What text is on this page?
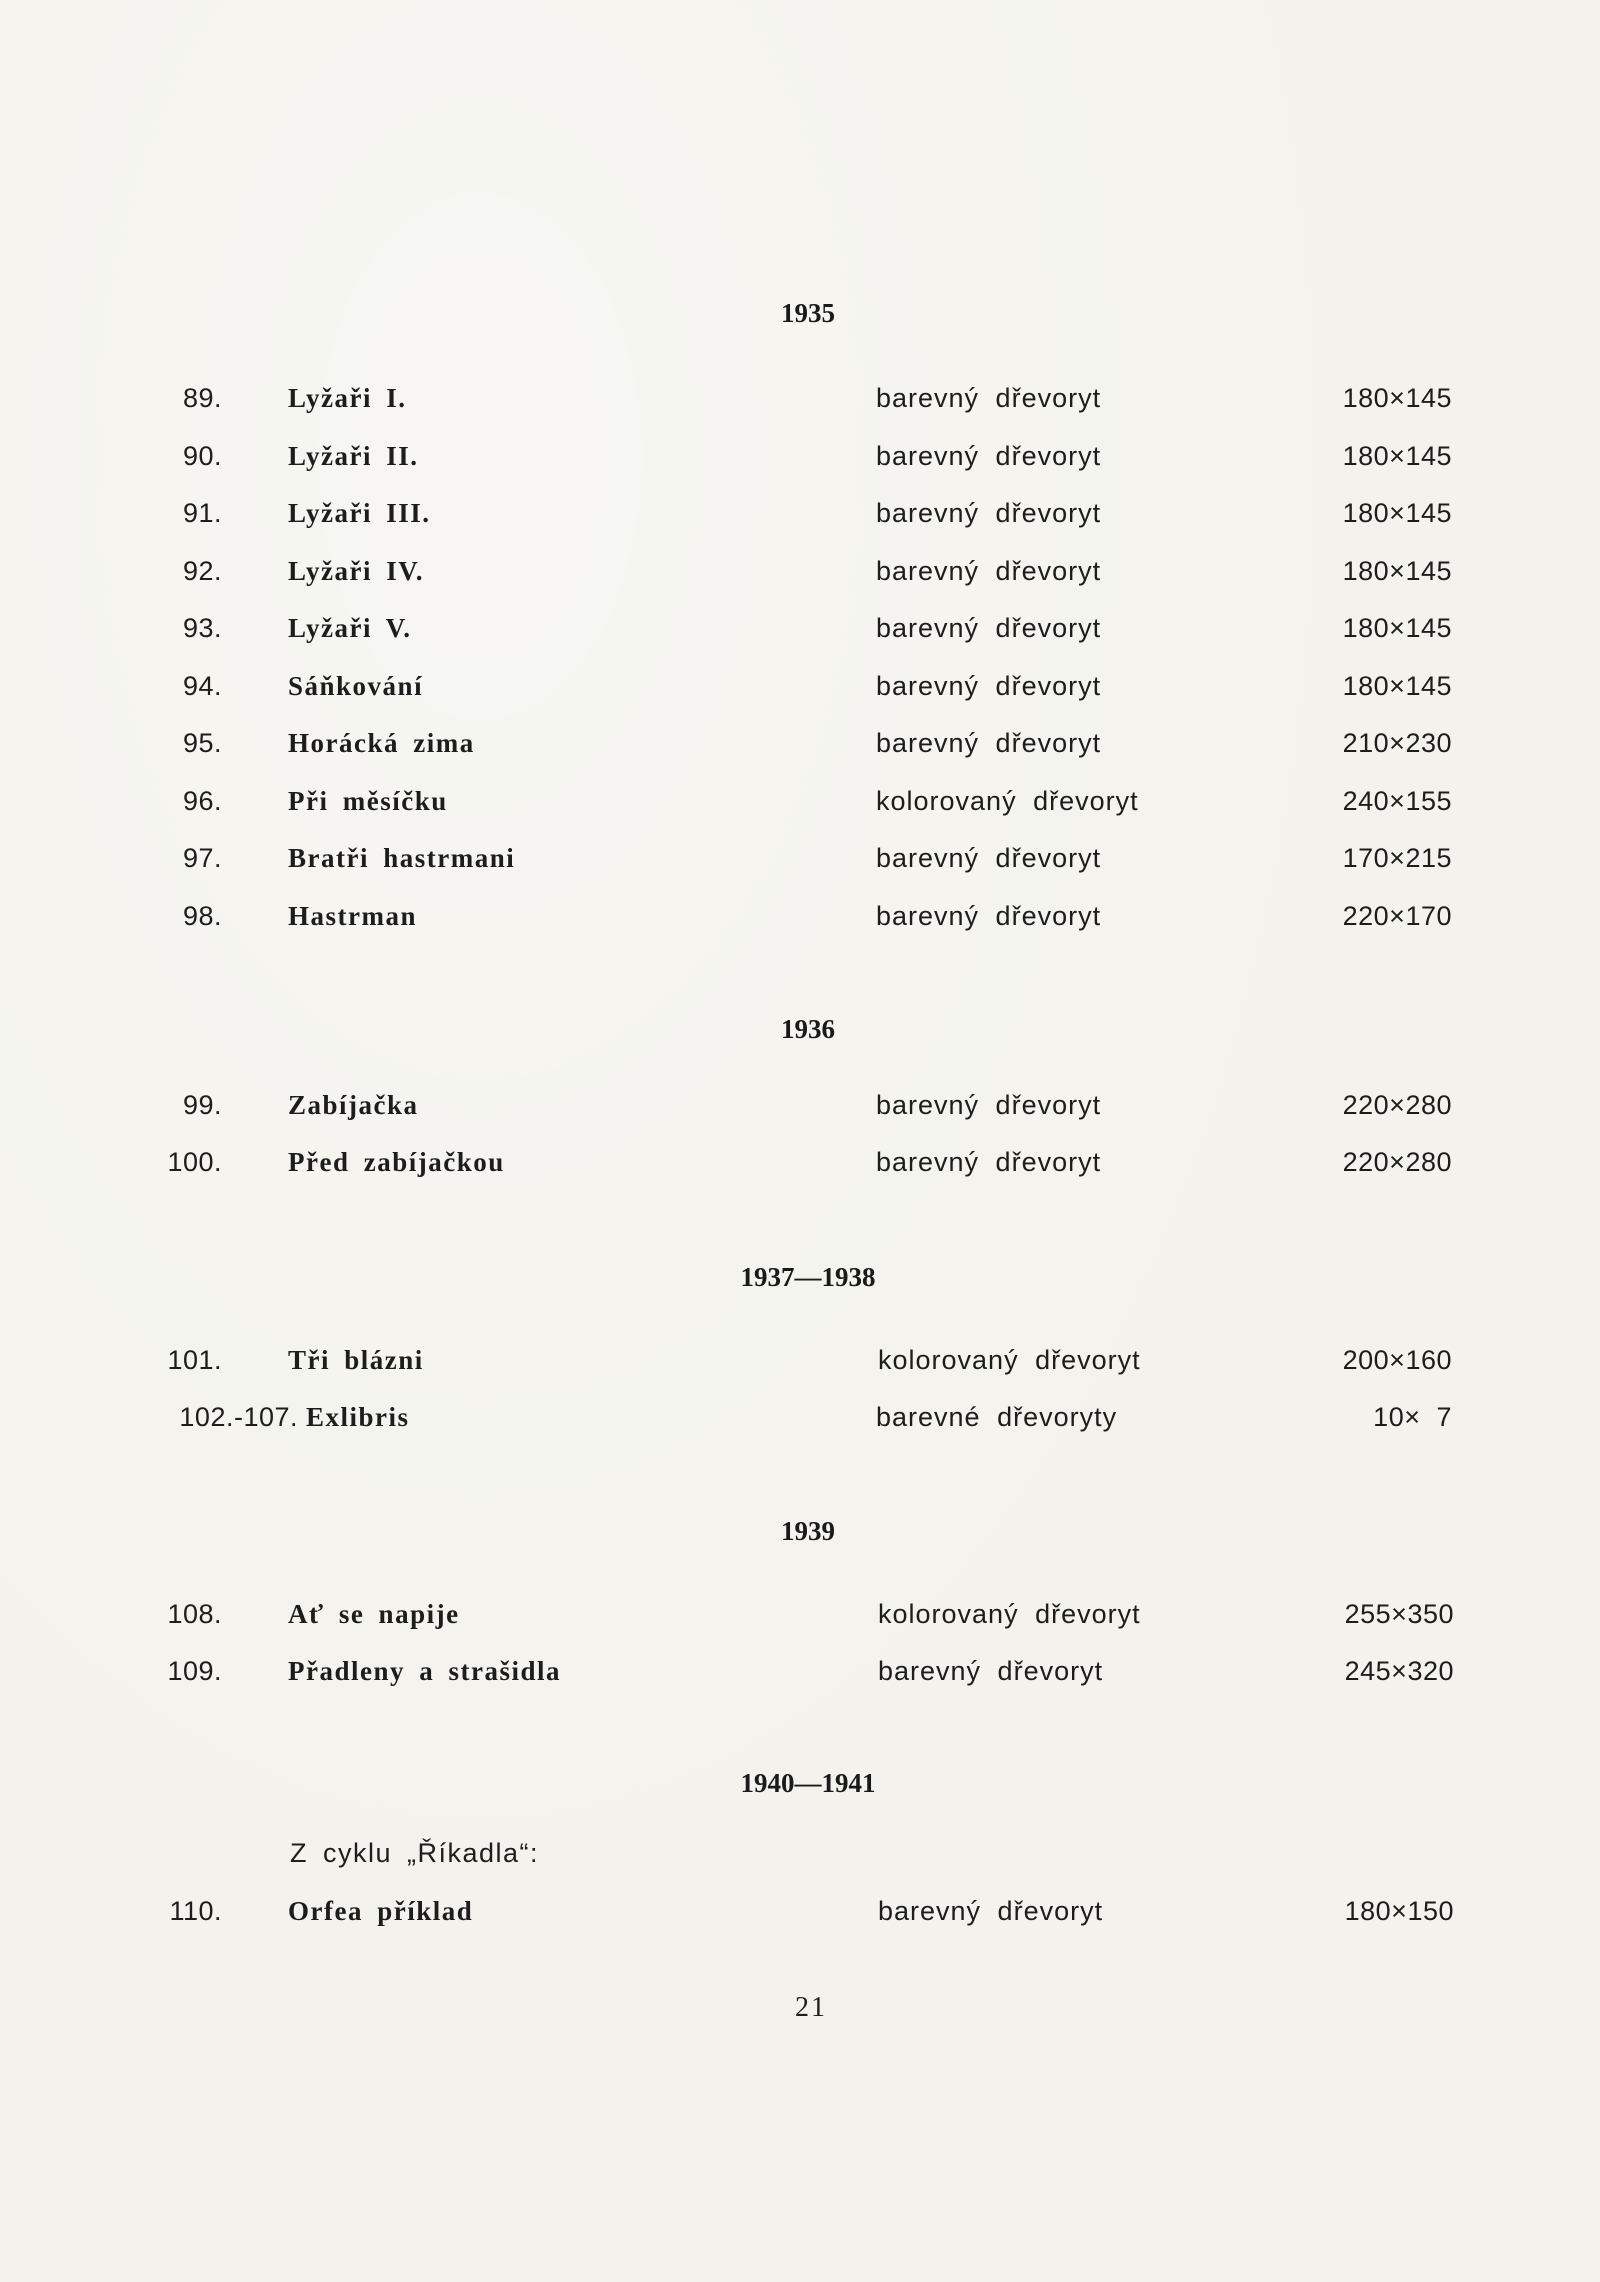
1935
89. Lyžaři I.	barevný dřevoryt	180×145
90. Lyžaři II.	barevný dřevoryt	180×145
91. Lyžaři III.	barevný dřevoryt	180×145
92. Lyžaři IV.	barevný dřevoryt	180×145
93. Lyžaři V.	barevný dřevoryt	180×145
94. Sáňkování	barevný dřevoryt	180×145
95. Horácká zima	barevný dřevoryt	210×230
96. Při měsíčku	kolorovaný dřevoryt	240×155
97. Bratři hastrmani	barevný dřevoryt	170×215
98. Hastrman	barevný dřevoryt	220×170
1936
99. Zabíjačka	barevný dřevoryt	220×280
100. Před zabíjačkou	barevný dřevoryt	220×280
1937—1938
101. Tři blázni	kolorovaný dřevoryt	200×160
102.-107. Exlibris	barevné dřevoryty	10×  7
1939
108. Ať se napije	kolorovaný dřevoryt	255×350
109. Přadleny a strašidla	barevný dřevoryt	245×320
1940—1941
Z cyklu „Říkadla“:
110. Orfea příklad	barevný dřevoryt	180×150
21
